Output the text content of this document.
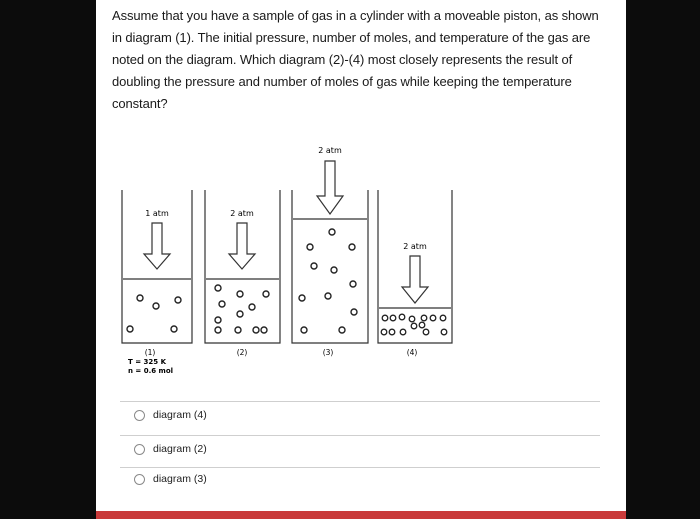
Assume that you have a sample of gas in a cylinder with a moveable piston, as shown in diagram (1). The initial pressure, number of moles, and temperature of the gas are noted on the diagram. Which diagram (2)-(4) most closely represents the result of doubling the pressure and number of moles of gas while keeping the temperature constant?
1 atm	2 atm
2 atm
2 atm
(1)	(2)	(3)	(4)
T = 325 K
n = 0.6 mol
diagram (4)
diagram (2)
diagram (3)
